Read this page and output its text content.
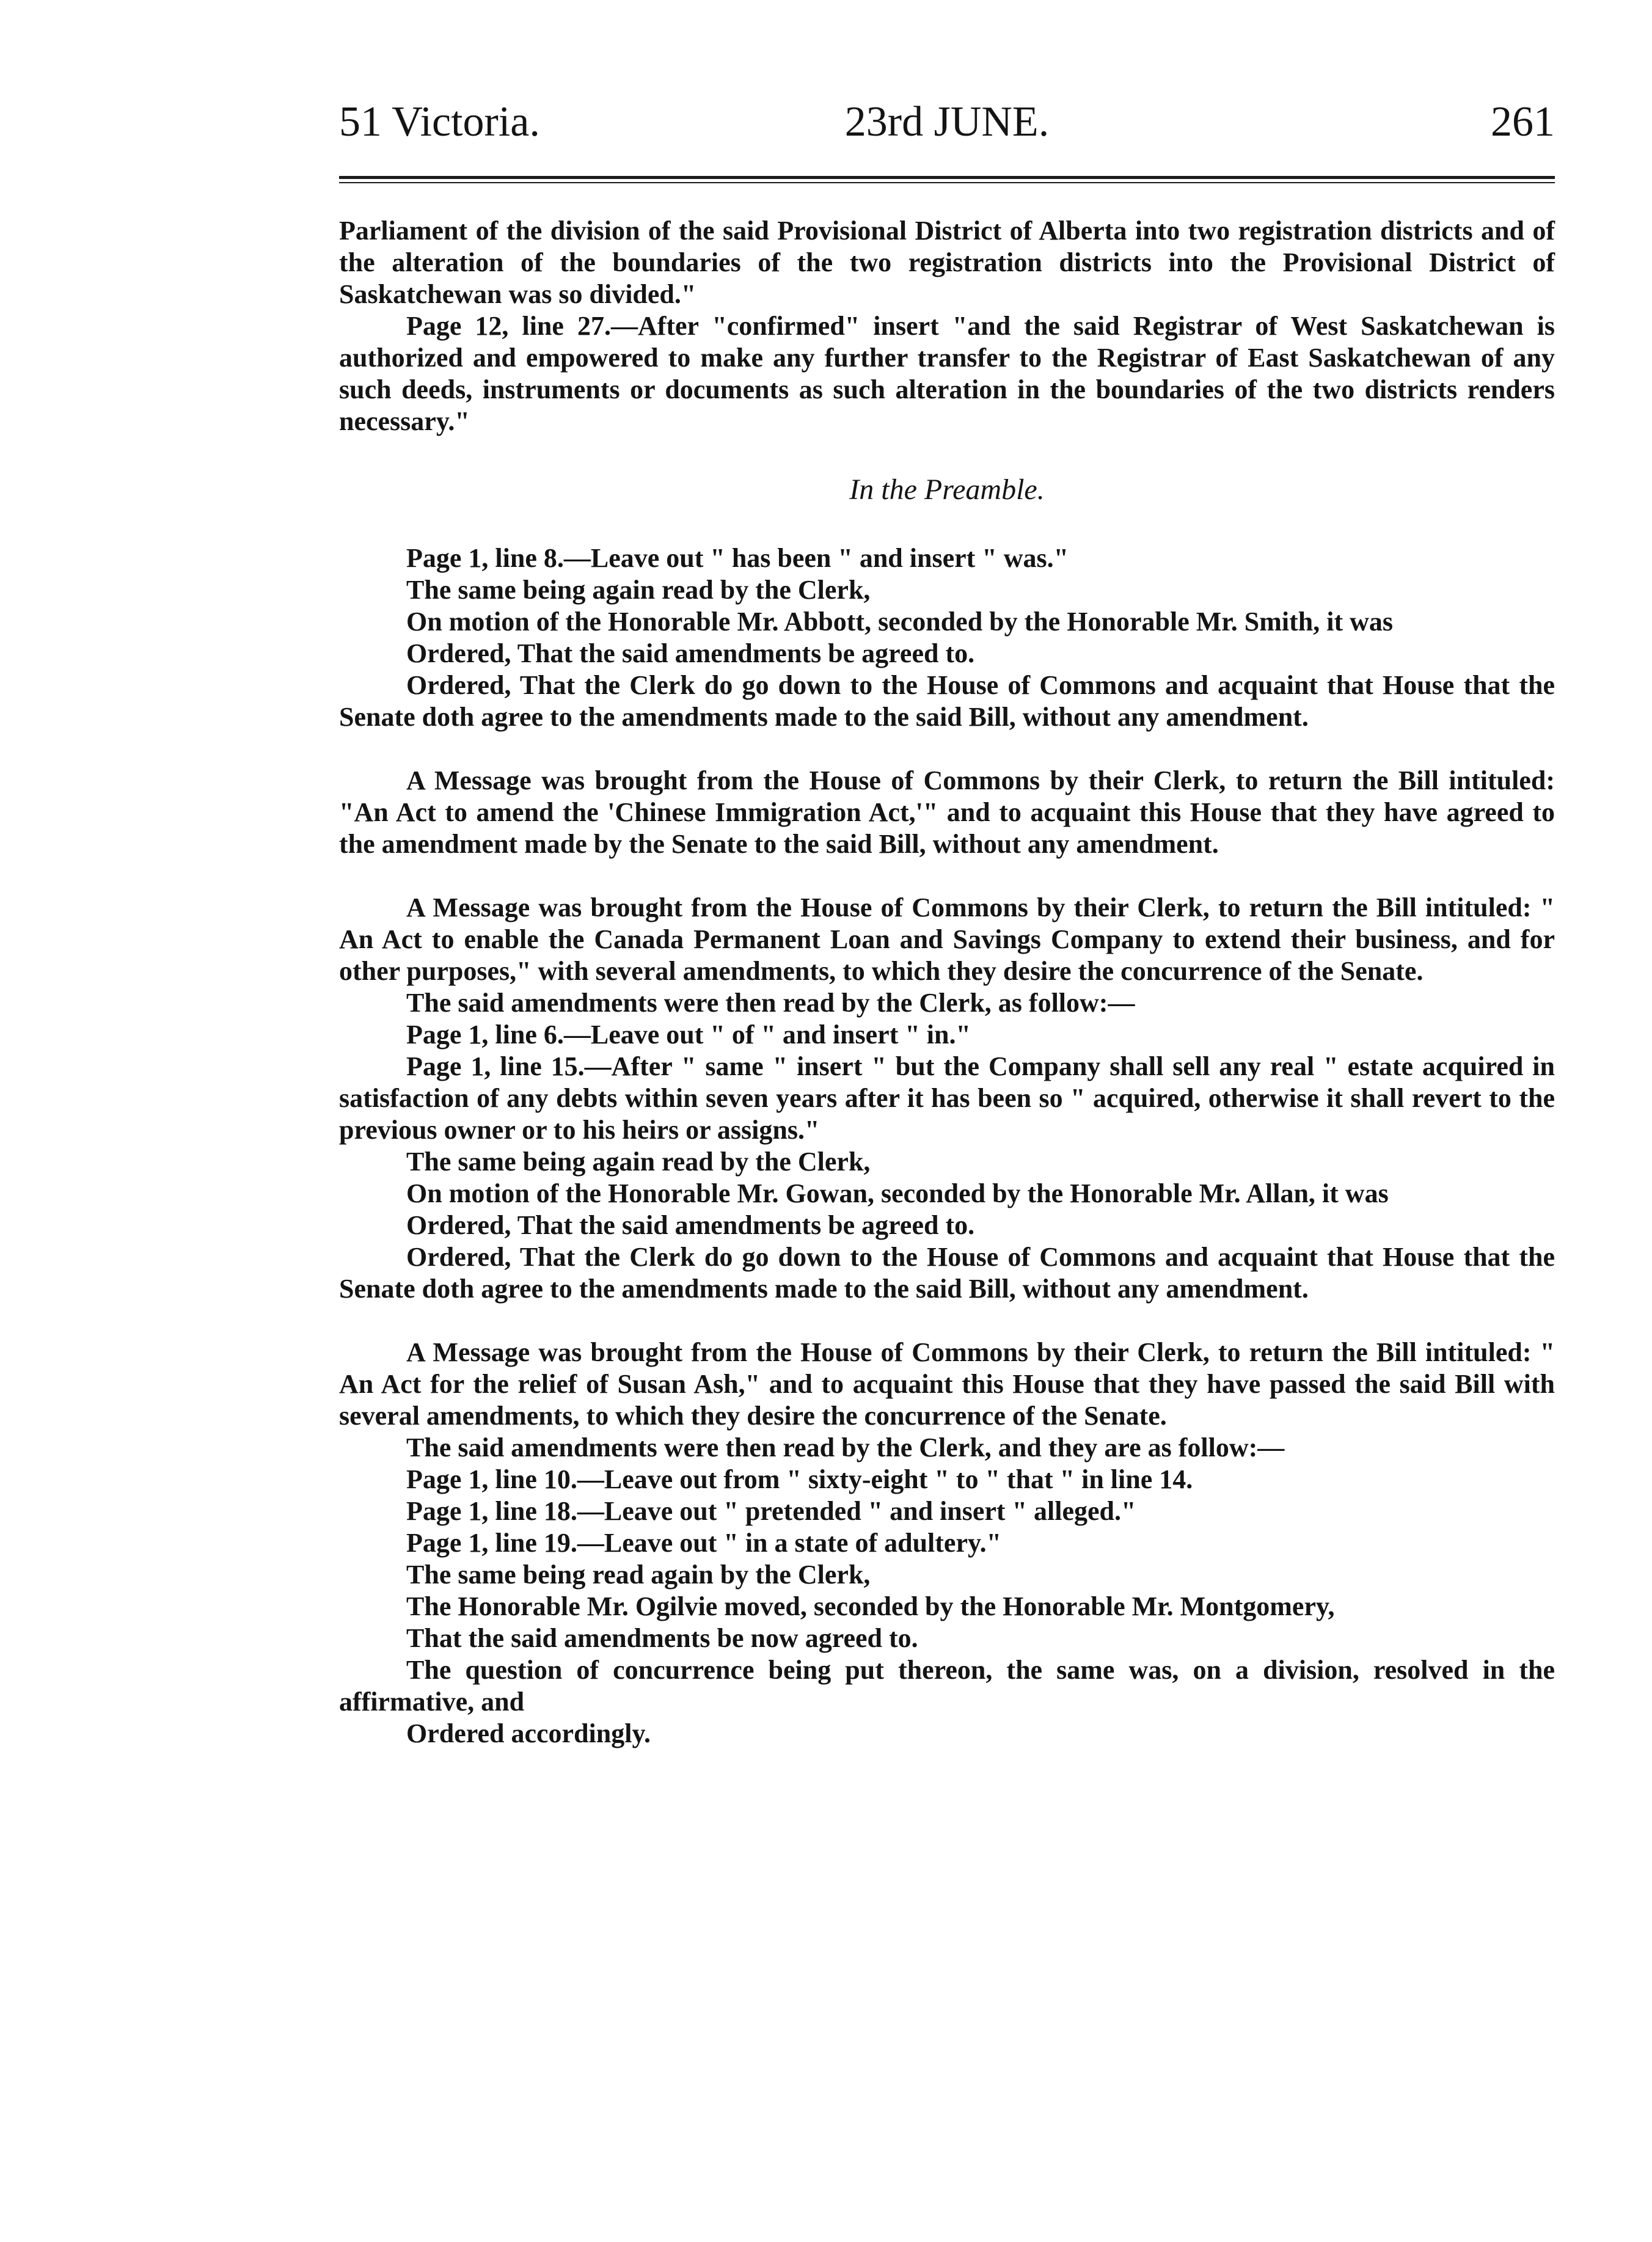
23rd JUNE.
51 Victoria.	261

Parliament of the division of the said Provisional District of Alberta into two registration districts and of the alteration of the boundaries of the two registration districts into the Provisional District of Saskatchewan was so divided."

Page 12, line 27.—After "confirmed" insert "and the said Registrar of West Saskatchewan is authorized and empowered to make any further transfer to the Registrar of East Saskatchewan of any such deeds, instruments or documents as such alteration in the boundaries of the two districts renders necessary."

In the Preamble.

Page 1, line 8.—Leave out " has been " and insert " was."

The same being again read by the Clerk,

On motion of the Honorable Mr. Abbott, seconded by the Honorable Mr. Smith, it was

Ordered, That the said amendments be agreed to.

Ordered, That the Clerk do go down to the House of Commons and acquaint that House that the Senate doth agree to the amendments made to the said Bill, without any amendment.

A Message was brought from the House of Commons by their Clerk, to return the Bill intituled: "An Act to amend the 'Chinese Immigration Act,'" and to acquaint this House that they have agreed to the amendment made by the Senate to the said Bill, without any amendment.

A Message was brought from the House of Commons by their Clerk, to return the Bill intituled: " An Act to enable the Canada Permanent Loan and Savings Company to extend their business, and for other purposes," with several amendments, to which they desire the concurrence of the Senate.

The said amendments were then read by the Clerk, as follow:—

Page 1, line 6.—Leave out " of " and insert " in."

Page 1, line 15.—After " same " insert " but the Company shall sell any real " estate acquired in satisfaction of any debts within seven years after it has been so " acquired, otherwise it shall revert to the previous owner or to his heirs or assigns."

The same being again read by the Clerk,

On motion of the Honorable Mr. Gowan, seconded by the Honorable Mr. Allan, it was

Ordered, That the said amendments be agreed to.

Ordered, That the Clerk do go down to the House of Commons and acquaint that House that the Senate doth agree to the amendments made to the said Bill, without any amendment.

A Message was brought from the House of Commons by their Clerk, to return the Bill intituled: " An Act for the relief of Susan Ash," and to acquaint this House that they have passed the said Bill with several amendments, to which they desire the concurrence of the Senate.

The said amendments were then read by the Clerk, and they are as follow:—

Page 1, line 10.—Leave out from " sixty-eight " to " that " in line 14.

Page 1, line 18.—Leave out " pretended " and insert " alleged."

Page 1, line 19.—Leave out " in a state of adultery."

The same being read again by the Clerk,

The Honorable Mr. Ogilvie moved, seconded by the Honorable Mr. Montgomery,

That the said amendments be now agreed to.

The question of concurrence being put thereon, the same was, on a division, resolved in the affirmative, and

Ordered accordingly.
